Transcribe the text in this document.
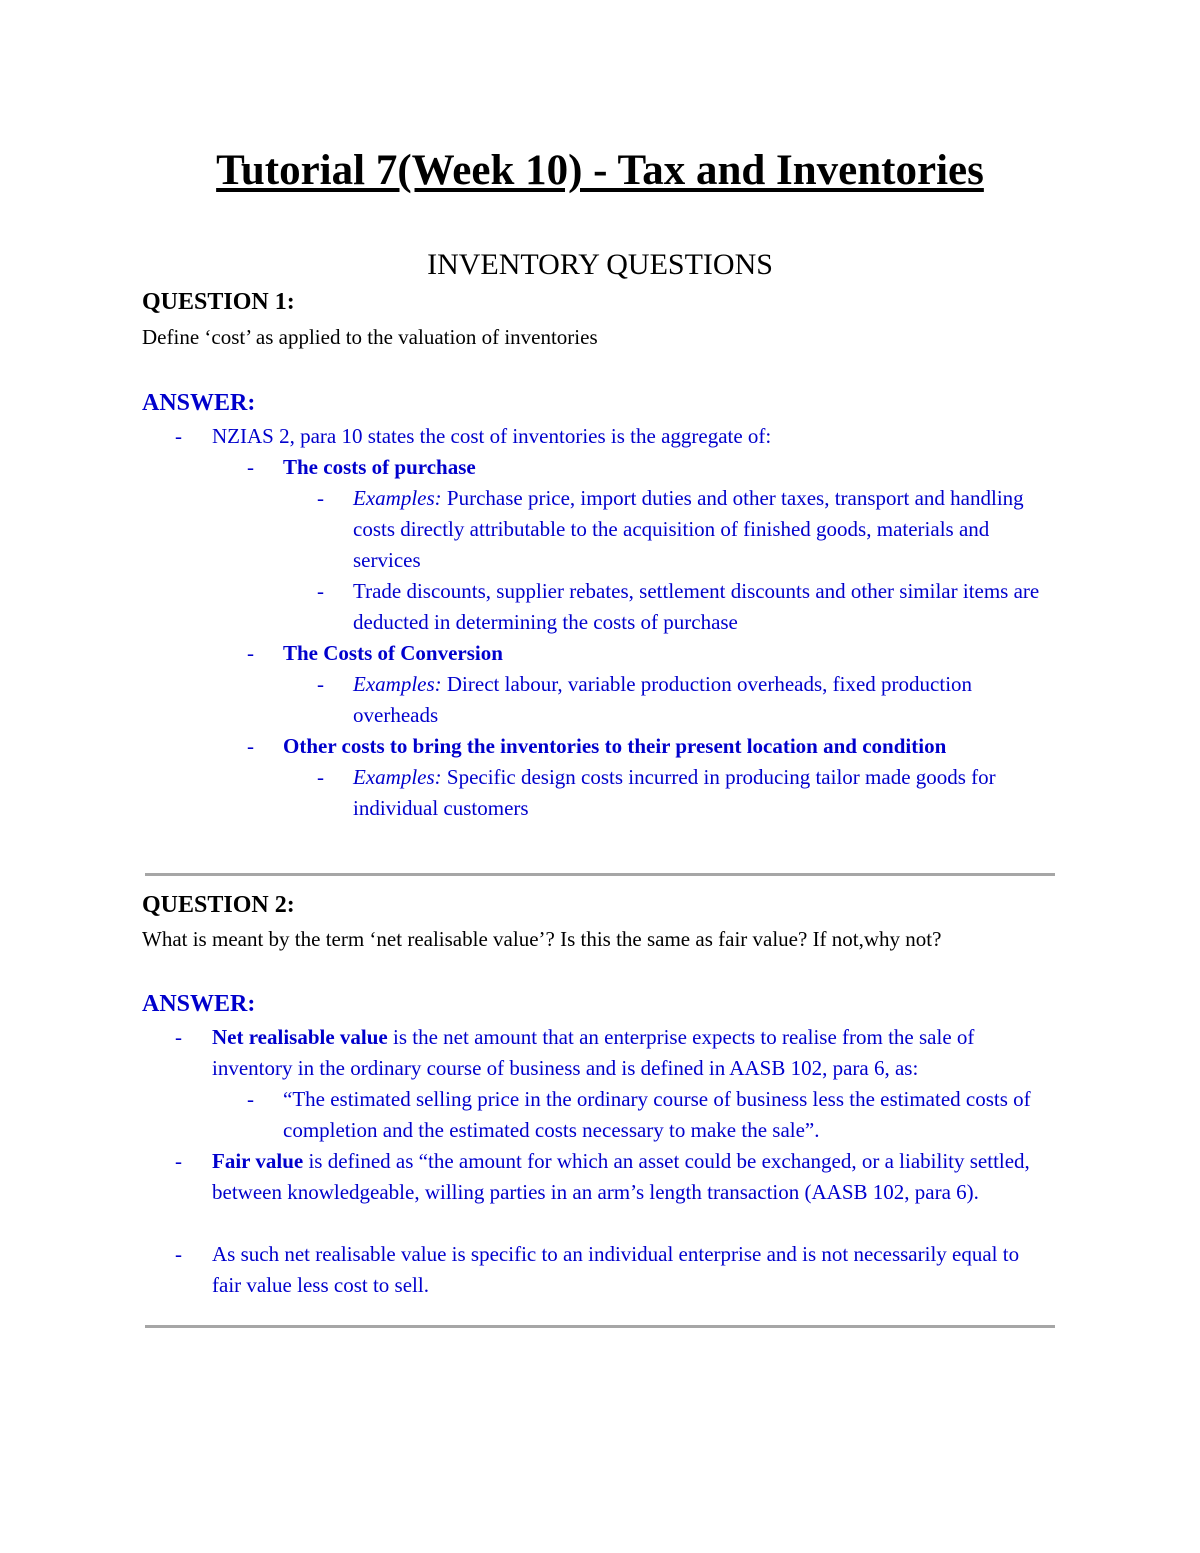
Tutorial 7(Week 10) - Tax and Inventories
INVENTORY QUESTIONS

QUESTION 1:

Define ‘cost’ as applied to the valuation of inventories

ANSWER:

-	NZIAS 2, para 10 states the cost of inventories is the aggregate of:
-	The costs of purchase
-	Examples: Purchase price, import duties and other taxes, transport and handling costs directly attributable to the acquisition of finished goods, materials and services
-	Trade discounts, supplier rebates, settlement discounts and other similar items are deducted in determining the costs of purchase
-	The Costs of Conversion
-	Examples: Direct labour, variable production overheads, fixed production overheads
-	Other costs to bring the inventories to their present location and condition
-	Examples: Specific design costs incurred in producing tailor made goods for individual customers

QUESTION 2:

What is meant by the term ‘net realisable value’? Is this the same as fair value? If not,why not?

ANSWER:

-	Net realisable value is the net amount that an enterprise expects to realise from the sale of inventory in the ordinary course of business and is defined in AASB 102, para 6, as:
-	“The estimated selling price in the ordinary course of business less the estimated costs of completion and the estimated costs necessary to make the sale”.
-	Fair value is defined as “the amount for which an asset could be exchanged, or a liability settled, between knowledgeable, willing parties in an arm’s length transaction (AASB 102, para 6).
-	As such net realisable value is specific to an individual enterprise and is not necessarily equal to fair value less cost to sell.
